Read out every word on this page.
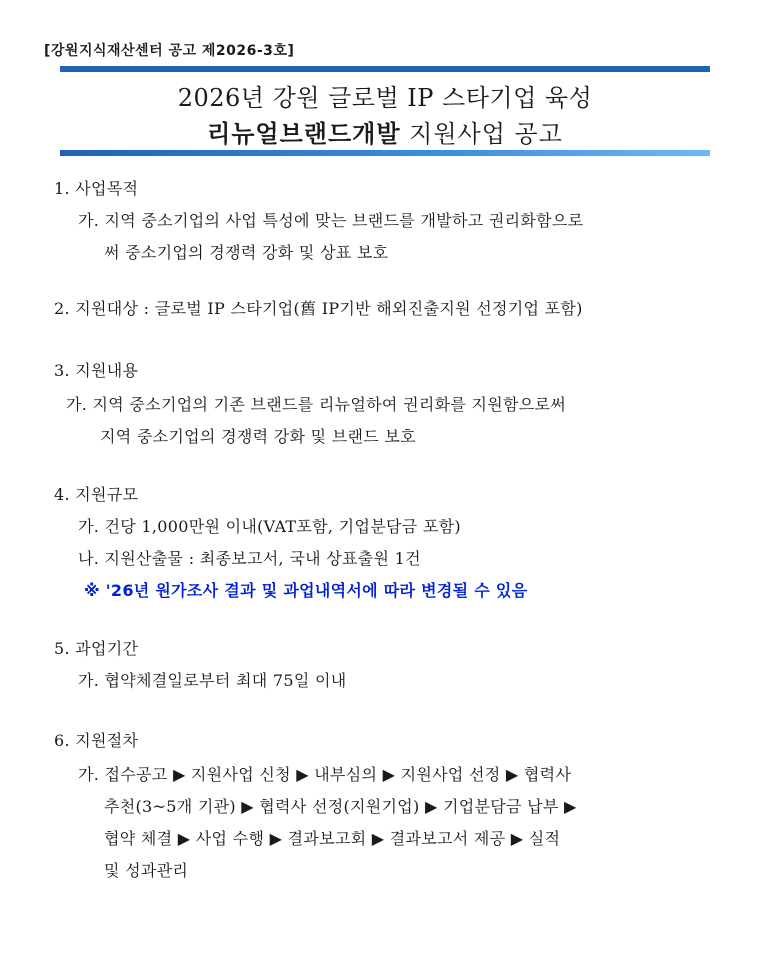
[강원지식재산센터 공고 제2026-3호]
2026년 강원 글로벌 IP 스타기업 육성
리뉴얼브랜드개발 지원사업 공고
1. 사업목적
가. 지역 중소기업의 사업 특성에 맞는 브랜드를 개발하고 권리화함으로
써 중소기업의 경쟁력 강화 및 상표 보호
2. 지원대상 : 글로벌 IP 스타기업(舊 IP기반 해외진출지원 선정기업 포함)
3. 지원내용
가. 지역 중소기업의 기존 브랜드를 리뉴얼하여 권리화를 지원함으로써
지역 중소기업의 경쟁력 강화 및 브랜드 보호
4. 지원규모
가. 건당 1,000만원 이내(VAT포함, 기업분담금 포함)
나. 지원산출물 : 최종보고서, 국내 상표출원 1건
※ '26년 원가조사 결과 및 과업내역서에 따라 변경될 수 있음
5. 과업기간
가. 협약체결일로부터 최대 75일 이내
6. 지원절차
가. 접수공고 ▶ 지원사업 신청 ▶ 내부심의 ▶ 지원사업 선정 ▶ 협력사
추천(3~5개 기관) ▶ 협력사 선정(지원기업) ▶ 기업분담금 납부 ▶
협약 체결 ▶ 사업 수행 ▶ 결과보고회 ▶ 결과보고서 제공 ▶ 실적
및 성과관리
